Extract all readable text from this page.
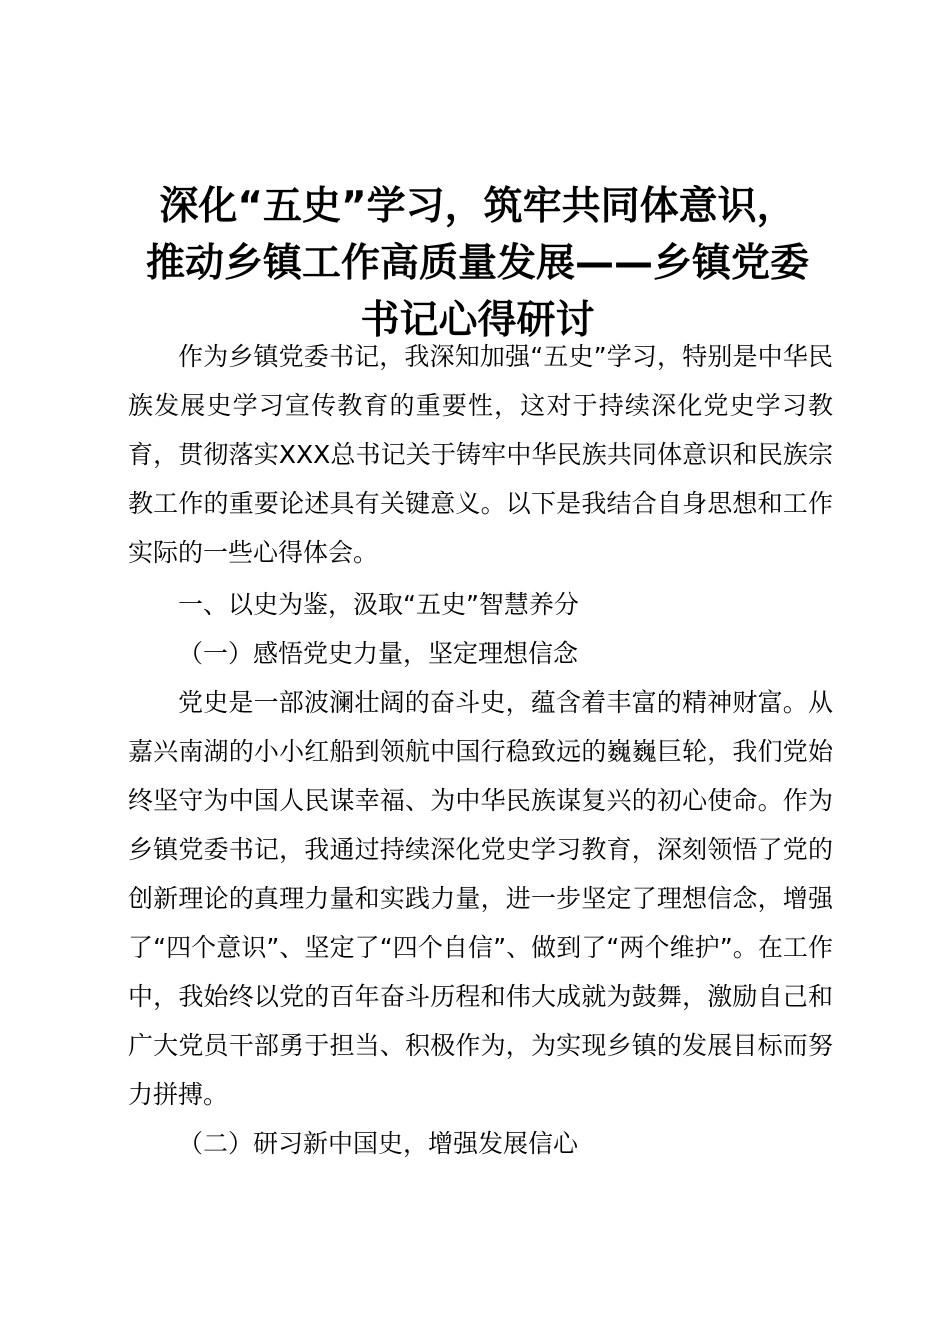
深化“五史”学习，筑牢共同体意识，
推动乡镇工作高质量发展——乡镇党委
书记心得研讨

作为乡镇党委书记，我深知加强“五史”学习，特别是中华民族发展史学习宣传教育的重要性，这对于持续深化党史学习教育，贯彻落实XXX总书记关于铸牢中华民族共同体意识和民族宗教工作的重要论述具有关键意义。以下是我结合自身思想和工作实际的一些心得体会。

一、以史为鉴，汲取“五史”智慧养分

（一）感悟党史力量，坚定理想信念

党史是一部波澜壮阔的奋斗史，蕴含着丰富的精神财富。从嘉兴南湖的小小红船到领航中国行稳致远的巍巍巨轮，我们党始终坚守为中国人民谋幸福、为中华民族谋复兴的初心使命。作为乡镇党委书记，我通过持续深化党史学习教育，深刻领悟了党的创新理论的真理力量和实践力量，进一步坚定了理想信念，增强了“四个意识”、坚定了“四个自信”、做到了“两个维护”。在工作中，我始终以党的百年奋斗历程和伟大成就为鼓舞，激励自己和广大党员干部勇于担当、积极作为，为实现乡镇的发展目标而努力拼搏。

（二）研习新中国史，增强发展信心
